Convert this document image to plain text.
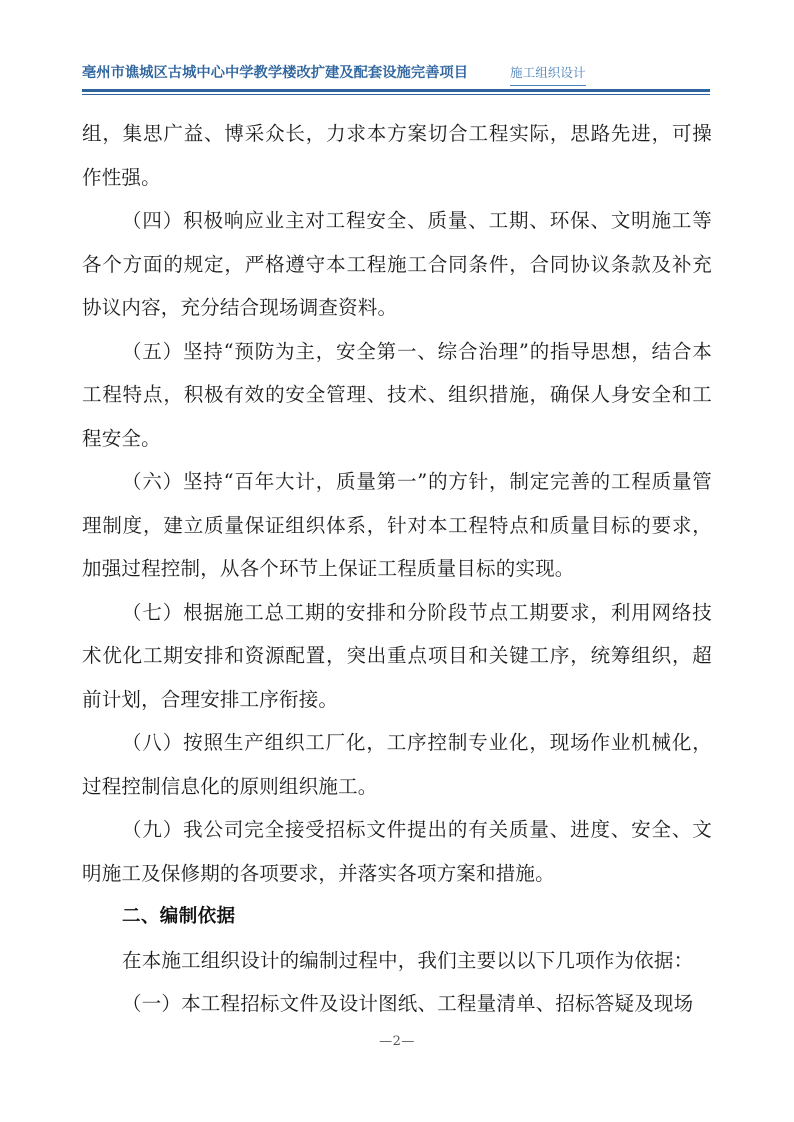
亳州市谯城区古城中心中学教学楼改扩建及配套设施完善项目	施工组织设计

组，集思广益、博采众长，力求本方案切合工程实际，思路先进，可操作性强。

（四）积极响应业主对工程安全、质量、工期、环保、文明施工等各个方面的规定，严格遵守本工程施工合同条件，合同协议条款及补充协议内容，充分结合现场调查资料。

（五）坚持“预防为主，安全第一、综合治理”的指导思想，结合本工程特点，积极有效的安全管理、技术、组织措施，确保人身安全和工程安全。

（六）坚持“百年大计，质量第一”的方针，制定完善的工程质量管理制度，建立质量保证组织体系，针对本工程特点和质量目标的要求，加强过程控制，从各个环节上保证工程质量目标的实现。

（七）根据施工总工期的安排和分阶段节点工期要求，利用网络技术优化工期安排和资源配置，突出重点项目和关键工序，统筹组织，超前计划，合理安排工序衔接。

（八）按照生产组织工厂化，工序控制专业化，现场作业机械化，过程控制信息化的原则组织施工。

（九）我公司完全接受招标文件提出的有关质量、进度、安全、文明施工及保修期的各项要求，并落实各项方案和措施。

二、编制依据

在本施工组织设计的编制过程中，我们主要以以下几项作为依据：

（一）本工程招标文件及设计图纸、工程量清单、招标答疑及现场

—2—
